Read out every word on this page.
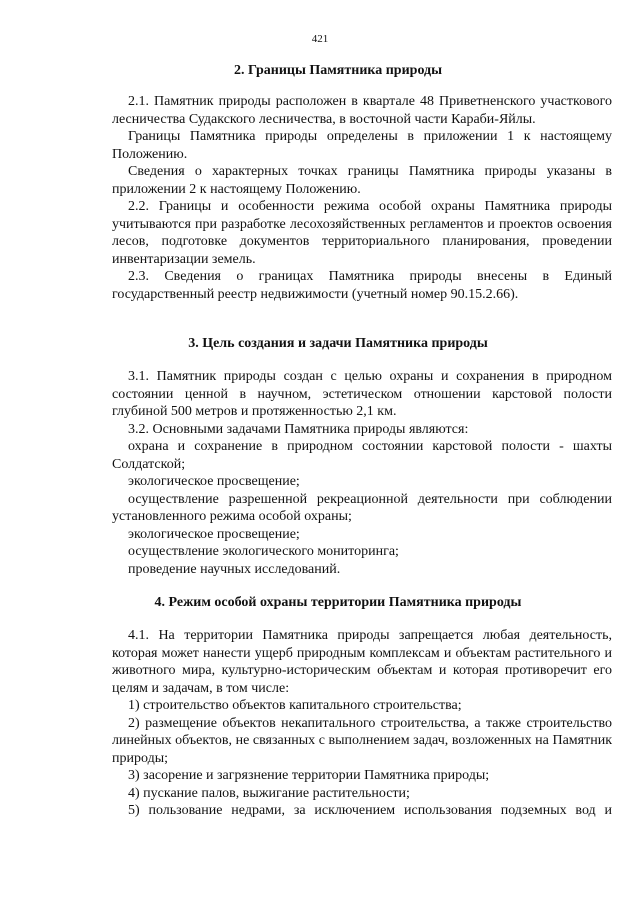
421
2. Границы Памятника природы

2.1. Памятник природы расположен в квартале 48 Приветненского участкового лесничества Судакского лесничества, в восточной части Караби-Яйлы.

Границы Памятника природы определены в приложении 1 к настоящему Положению.

Сведения о характерных точках границы Памятника природы указаны в приложении 2 к настоящему Положению.

2.2. Границы и особенности режима особой охраны Памятника природы учитываются при разработке лесохозяйственных регламентов и проектов освоения лесов, подготовке документов территориального планирования, проведении инвентаризации земель.

2.3. Сведения о границах Памятника природы внесены в Единый государственный реестр недвижимости (учетный номер 90.15.2.66).

3. Цель создания и задачи Памятника природы

3.1. Памятник природы создан с целью охраны и сохранения в природном состоянии ценной в научном, эстетическом отношении карстовой полости глубиной 500 метров и протяженностью 2,1 км.

3.2. Основными задачами Памятника природы являются:

охрана и сохранение в природном состоянии карстовой полости - шахты Солдатской;

экологическое просвещение;

осуществление разрешенной рекреационной деятельности при соблюдении установленного режима особой охраны;

экологическое просвещение;

осуществление экологического мониторинга;

проведение научных исследований.

4. Режим особой охраны территории Памятника природы

4.1. На территории Памятника природы запрещается любая деятельность, которая может нанести ущерб природным комплексам и объектам растительного и животного мира, культурно-историческим объектам и которая противоречит его целям и задачам, в том числе:

1) строительство объектов капитального строительства;

2) размещение объектов некапитального строительства, а также строительство линейных объектов, не связанных с выполнением задач, возложенных на Памятник природы;

3) засорение и загрязнение территории Памятника природы;

4) пускание палов, выжигание растительности;

5) пользование недрами, за исключением использования подземных вод и
